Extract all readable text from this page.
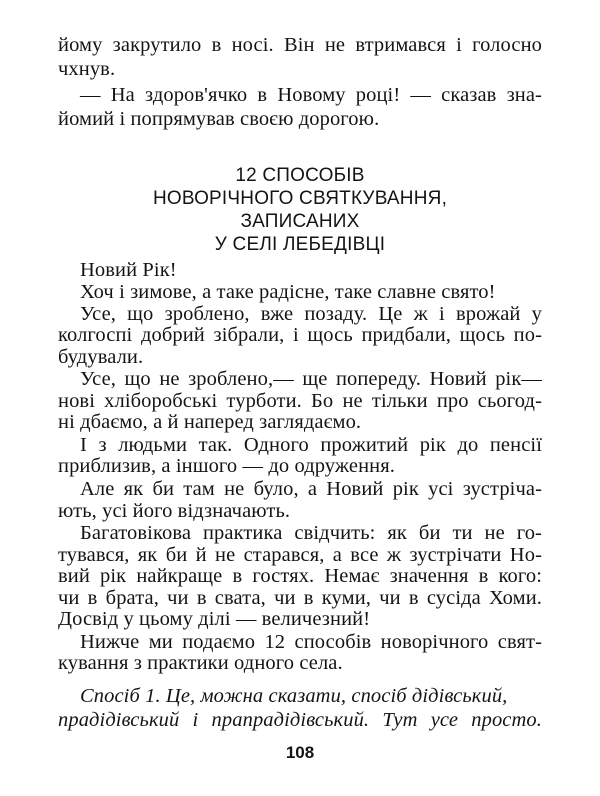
йому закрутило в носі. Він не втримався і голосно
чхнув.
— На здоров'ячко в Новому році! — сказав зна-
йомий і попрямував своєю дорогою.
12 СПОСОБІВ
НОВОРІЧНОГО СВЯТКУВАННЯ,
ЗАПИСАНИХ
У СЕЛІ ЛЕБЕДІВЦІ
Новий Рік!
Хоч і зимове, а таке радісне, таке славне свято!
Усе, що зроблено, вже позаду. Це ж і врожай у
колгоспі добрий зібрали, і щось придбали, щось по-
будували.
Усе, що не зроблено,— ще попереду. Новий рік—
нові хліборобські турботи. Бо не тільки про сьогод-
ні дбаємо, а й наперед заглядаємо.
І з людьми так. Одного прожитий рік до пенсії
приблизив, а іншого — до одруження.
Але як би там не було, а Новий рік усі зустріча-
ють, усі його відзначають.
Багатовікова практика свідчить: як би ти не го-
тувався, як би й не старався, а все ж зустрічати Но-
вий рік найкраще в гостях. Немає значення в кого:
чи в брата, чи в свата, чи в куми, чи в сусіда Хоми.
Досвід у цьому ділі — величезний!
Нижче ми подаємо 12 способів новорічного свят-
кування з практики одного села.
Спосіб 1. Це, можна сказати, спосіб дідівський,
прадідівський і прапрадідівський. Тут усе просто.
108
